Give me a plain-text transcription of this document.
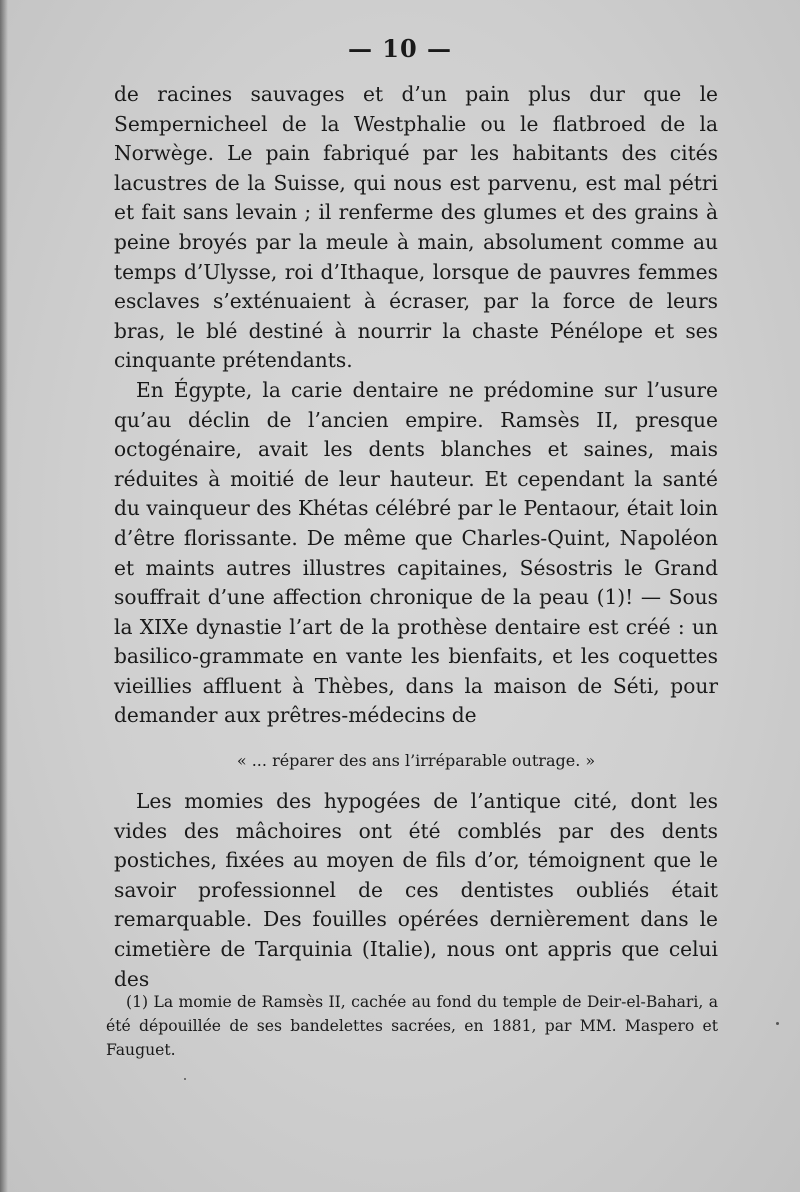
— 10 —

de racines sauvages et d’un pain plus dur que le Sempernicheel de la Westphalie ou le flatbroed de la Norwège. Le pain fabriqué par les habitants des cités lacustres de la Suisse, qui nous est parvenu, est mal pétri et fait sans levain ; il renferme des glumes et des grains à peine broyés par la meule à main, absolument comme au temps d’Ulysse, roi d’Ithaque, lorsque de pauvres femmes esclaves s’exténuaient à écraser, par la force de leurs bras, le blé destiné à nourrir la chaste Pénélope et ses cinquante prétendants.

En Égypte, la carie dentaire ne prédomine sur l’usure qu’au déclin de l’ancien empire. Ramsès II, presque octogénaire, avait les dents blanches et saines, mais réduites à moitié de leur hauteur. Et cependant la santé du vainqueur des Khétas célébré par le Pentaour, était loin d’être florissante. De même que Charles-Quint, Napoléon et maints autres illustres capitaines, Sésostris le Grand souffrait d’une affection chronique de la peau (1)! — Sous la XIXe dynastie l’art de la prothèse dentaire est créé : un basilico-grammate en vante les bienfaits, et les coquettes vieillies affluent à Thèbes, dans la maison de Séti, pour demander aux prêtres-médecins de

« ... réparer des ans l’irréparable outrage. »

Les momies des hypogées de l’antique cité, dont les vides des mâchoires ont été comblés par des dents postiches, fixées au moyen de fils d’or, témoignent que le savoir professionnel de ces dentistes oubliés était remarquable. Des fouilles opérées dernièrement dans le cimetière de Tarquinia (Italie), nous ont appris que celui des

(1) La momie de Ramsès II, cachée au fond du temple de Deir-el-Bahari, a été dépouillée de ses bandelettes sacrées, en 1881, par MM. Maspero et Fauguet.
